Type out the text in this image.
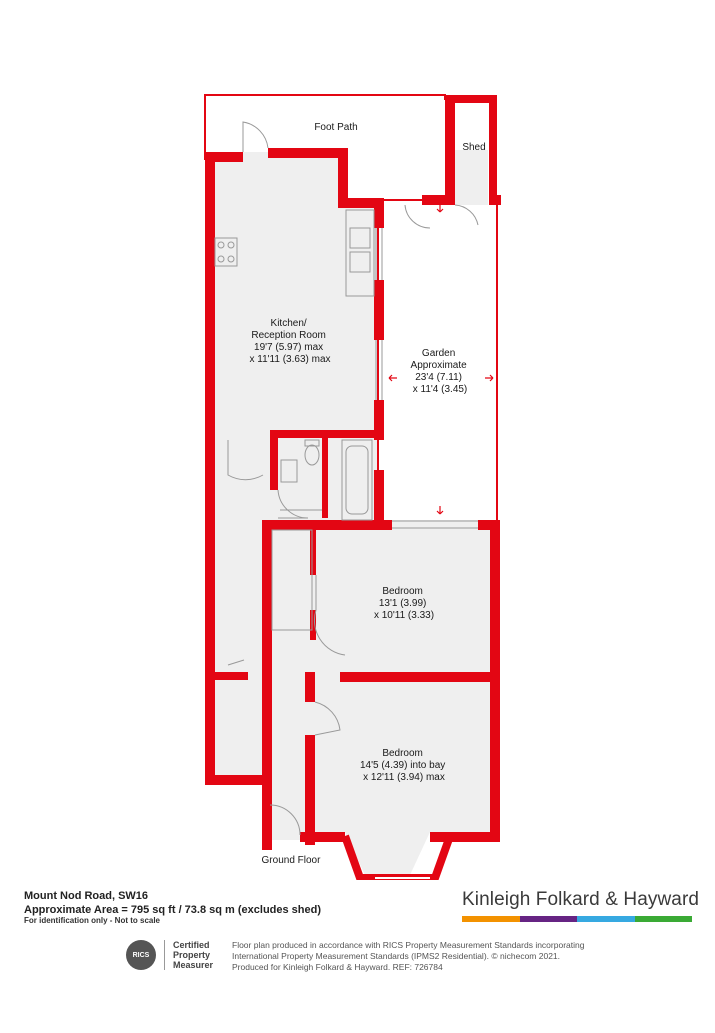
Foot Path
Shed
Kitchen/ Reception Room 19'7 (5.97) max x 11'11 (3.63) max
Garden Approximate 23'4 (7.11) x 11'4 (3.45)
Bedroom 13'1 (3.99) x 10'11 (3.33)
Bedroom 14'5 (4.39) into bay x 12'11 (3.94) max
Ground Floor
Mount Nod Road, SW16
Approximate Area = 795 sq ft / 73.8 sq m (excludes shed)
For identification only - Not to scale
Kinleigh Folkard & Hayward
RICS
Certified
Property
Measurer
Floor plan produced in accordance with RICS Property Measurement Standards incorporating
International Property Measurement Standards (IPMS2 Residential). © nichecom 2021.
Produced for Kinleigh Folkard & Hayward. REF: 726784
